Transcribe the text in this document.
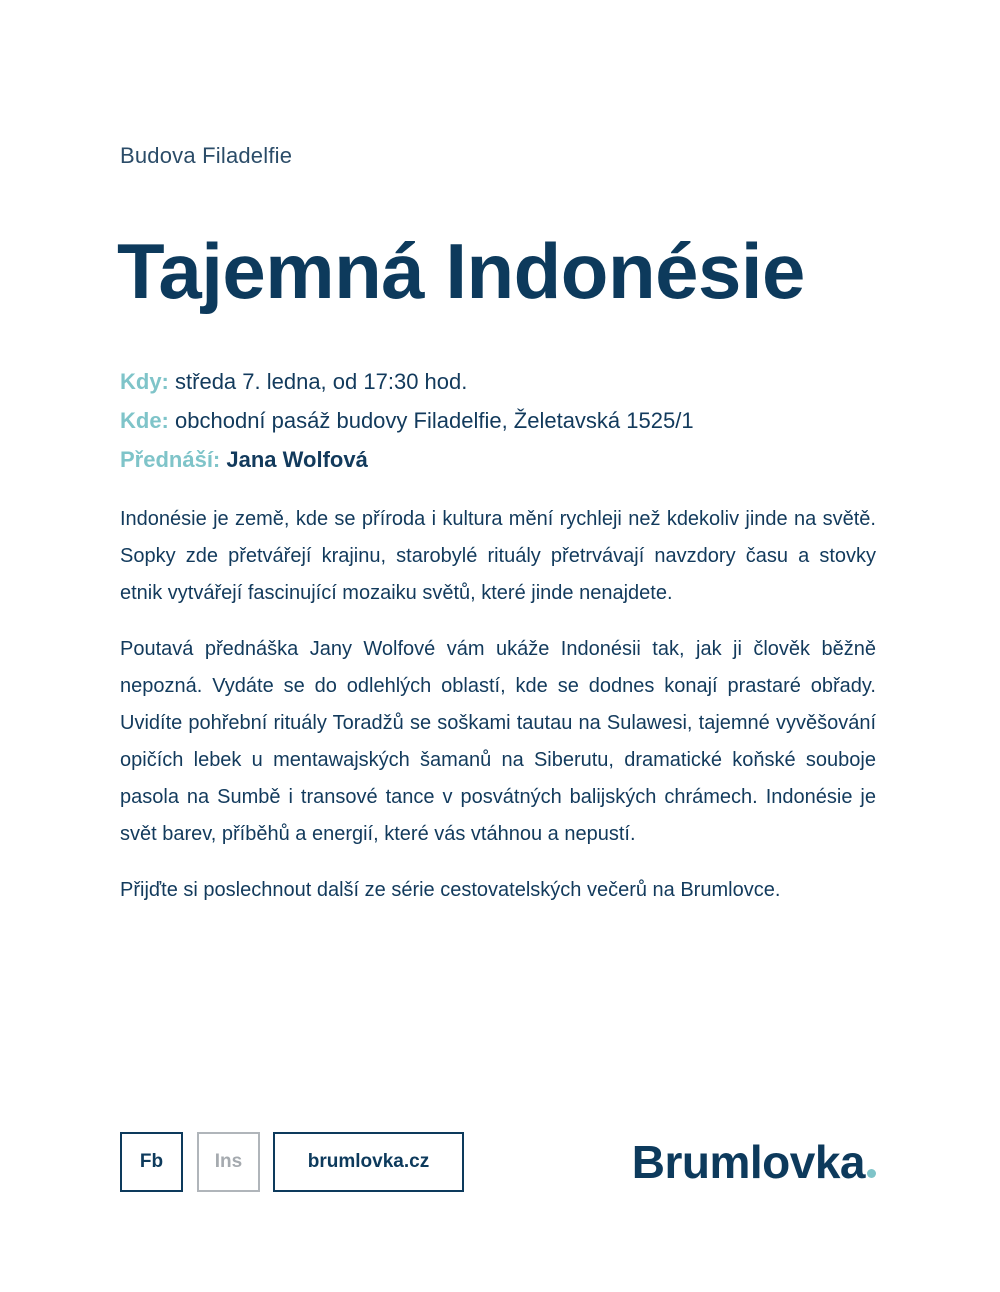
Budova Filadelfie
Tajemná Indonésie
Kdy: středa 7. ledna, od 17:30 hod.
Kde: obchodní pasáž budovy Filadelfie, Želetavská 1525/1
Přednáší: Jana Wolfová

Indonésie je země, kde se příroda i kultura mění rychleji než kdekoliv jinde na světě. Sopky zde přetvářejí krajinu, starobylé rituály přetrvávají navzdory času a stovky etnik vytvářejí fascinující mozaiku světů, které jinde nenajdete.

Poutavá přednáška Jany Wolfové vám ukáže Indonésii tak, jak ji člověk běžně nepozná. Vydáte se do odlehlých oblastí, kde se dodnes konají prastaré obřady. Uvidíte pohřební rituály Toradžů se soškami tautau na Sulawesi, tajemné vyvěšování opičích lebek u mentawajských šamanů na Siberutu, dramatické koňské souboje pasola na Sumbě i transové tance v posvátných balijských chrámech. Indonésie je svět barev, příběhů a energií, které vás vtáhnou a nepustí.

Přijďte si poslechnout další ze série cestovatelských večerů na Brumlovce.

Fb	Ins	brumlovka.cz	Brumlovka
